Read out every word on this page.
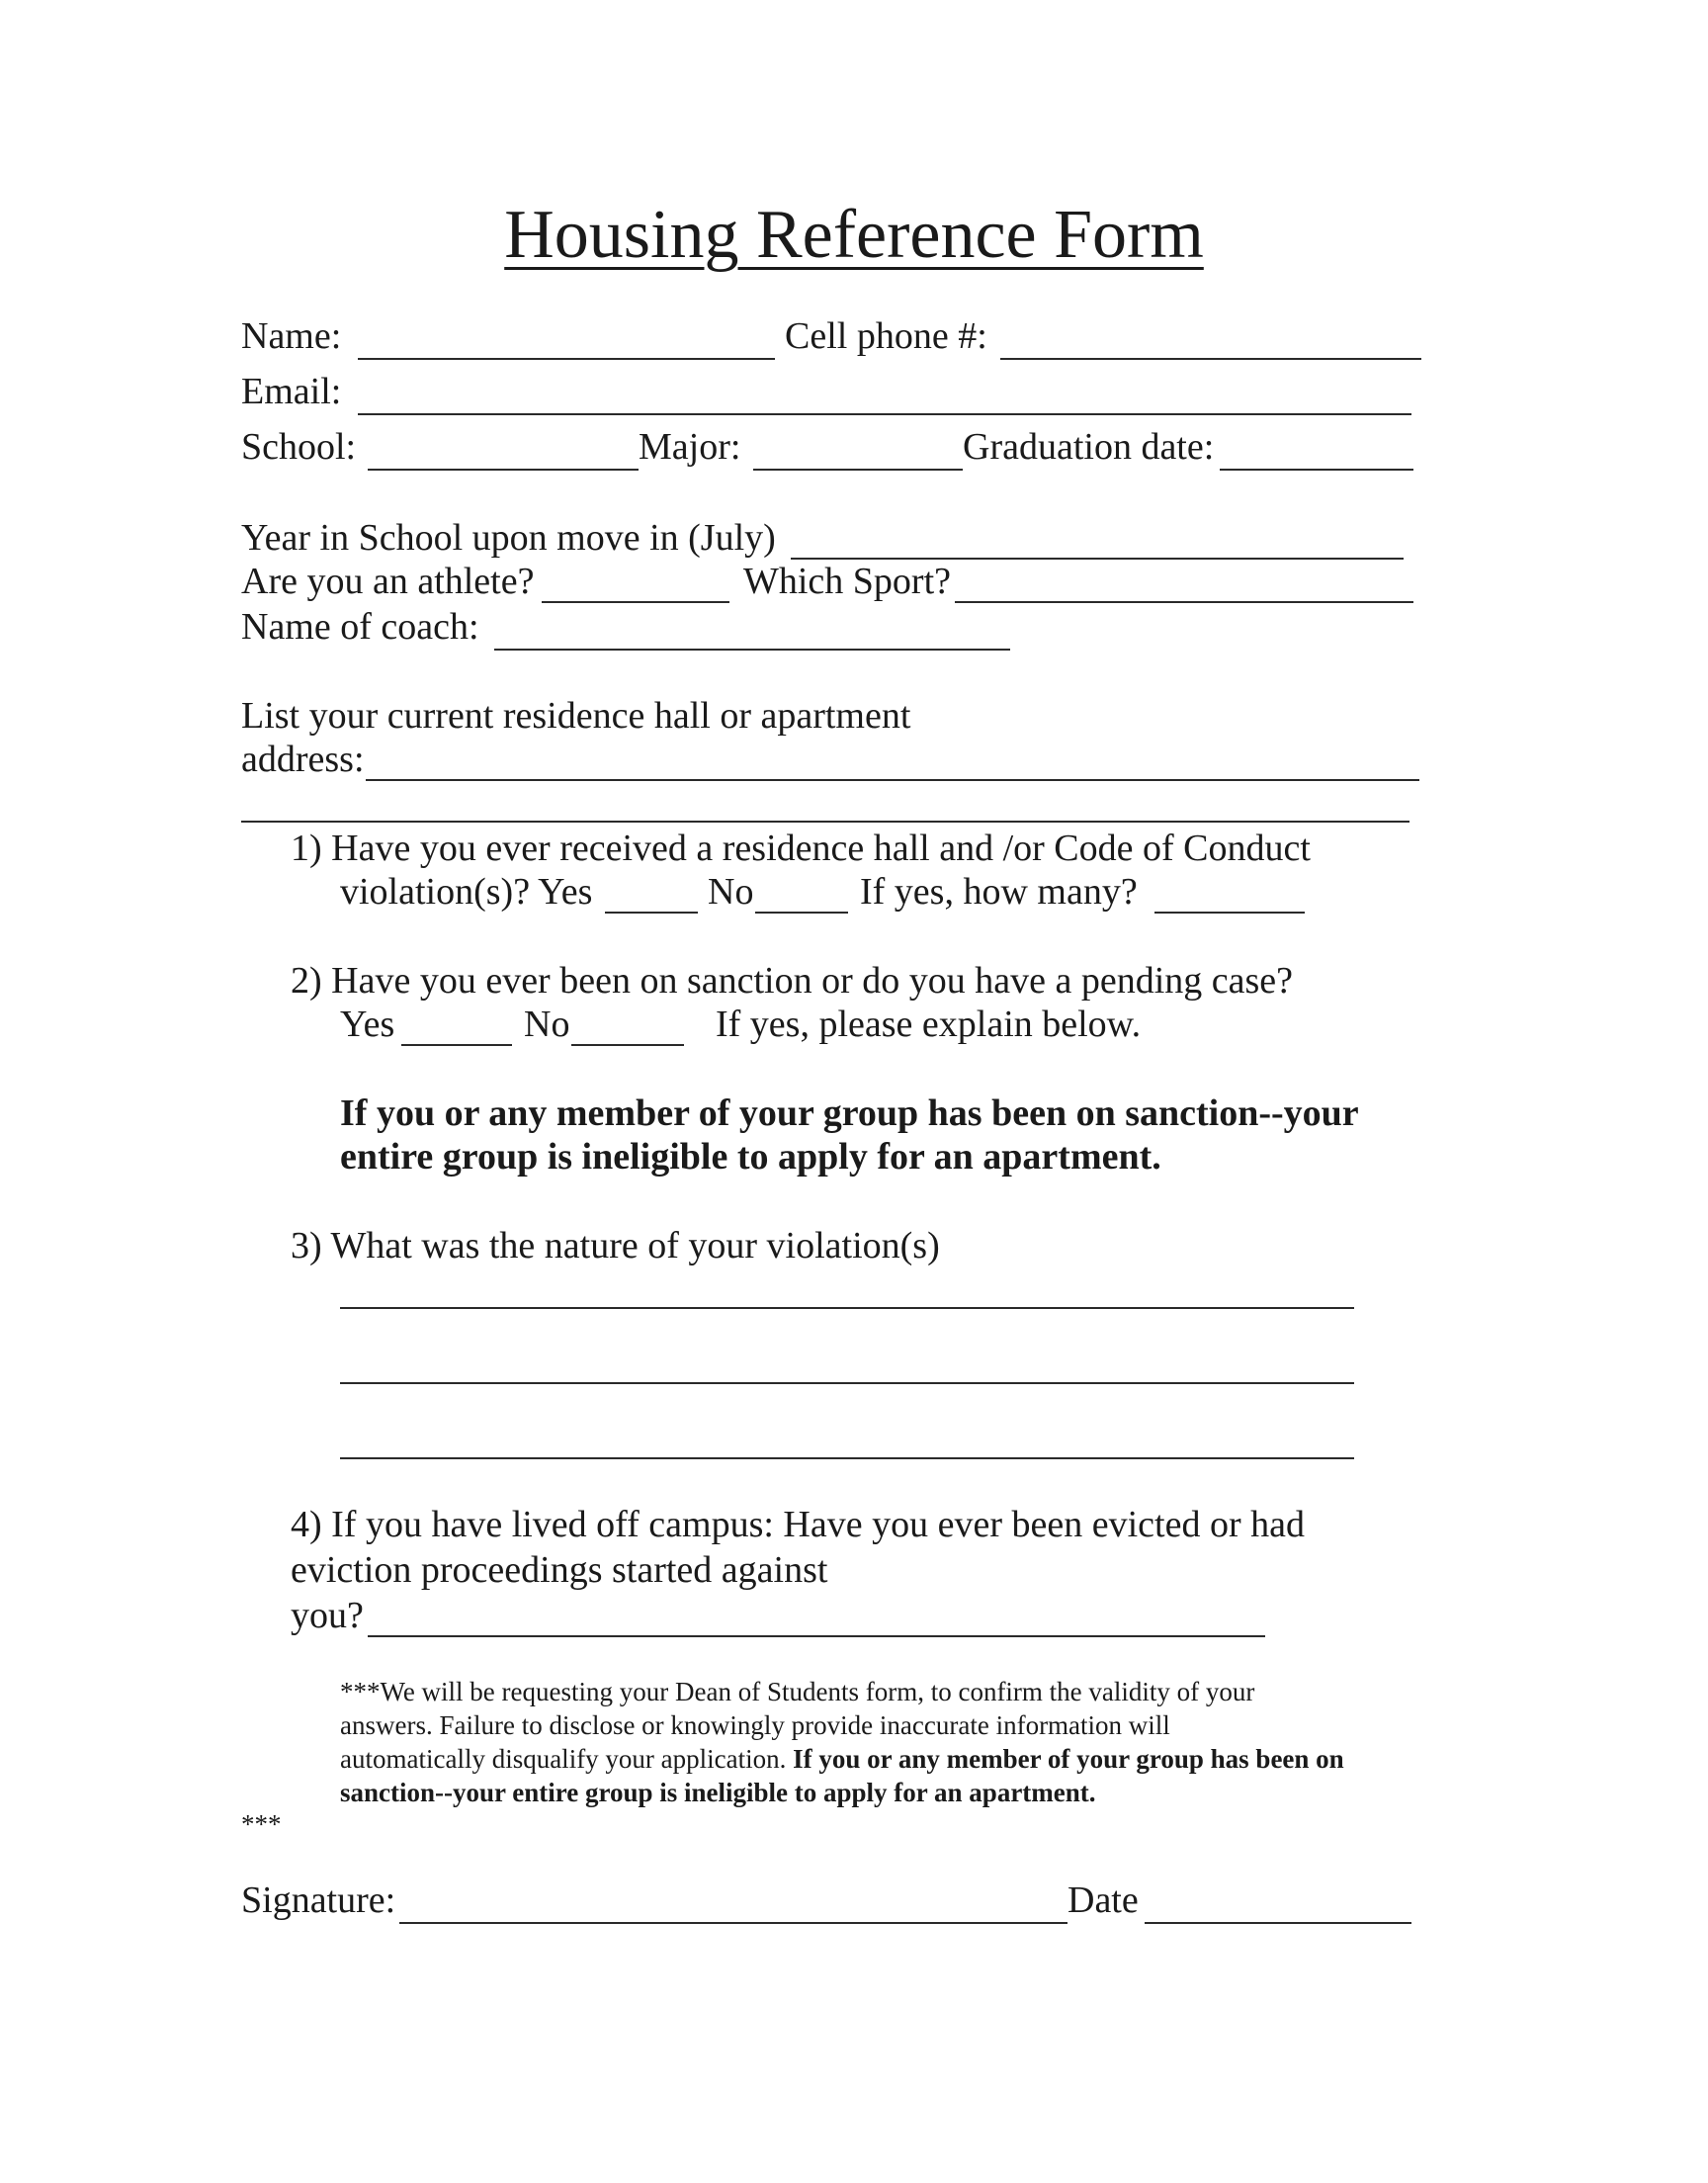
Housing Reference Form
Name:	Cell phone #:
Email:
School:	Major:	Graduation date:
Year in School upon move in (July)
Are you an athlete?	Which Sport?
Name of coach:
List your current residence hall or apartment
address:
1) Have you ever received a residence hall and /or Code of Conduct
violation(s)? Yes	No	If yes, how many?
2) Have you ever been on sanction or do you have a pending case?
Yes	No	If yes, please explain below.
If you or any member of your group has been on sanction--your
entire group is ineligible to apply for an apartment.
3) What was the nature of your violation(s)
4) If you have lived off campus: Have you ever been evicted or had
eviction proceedings started against
you?
***We will be requesting your Dean of Students form, to confirm the validity of your
answers. Failure to disclose or knowingly provide inaccurate information will
automatically disqualify your application. If you or any member of your group has been on
sanction--your entire group is ineligible to apply for an apartment.
***
Signature:	Date
